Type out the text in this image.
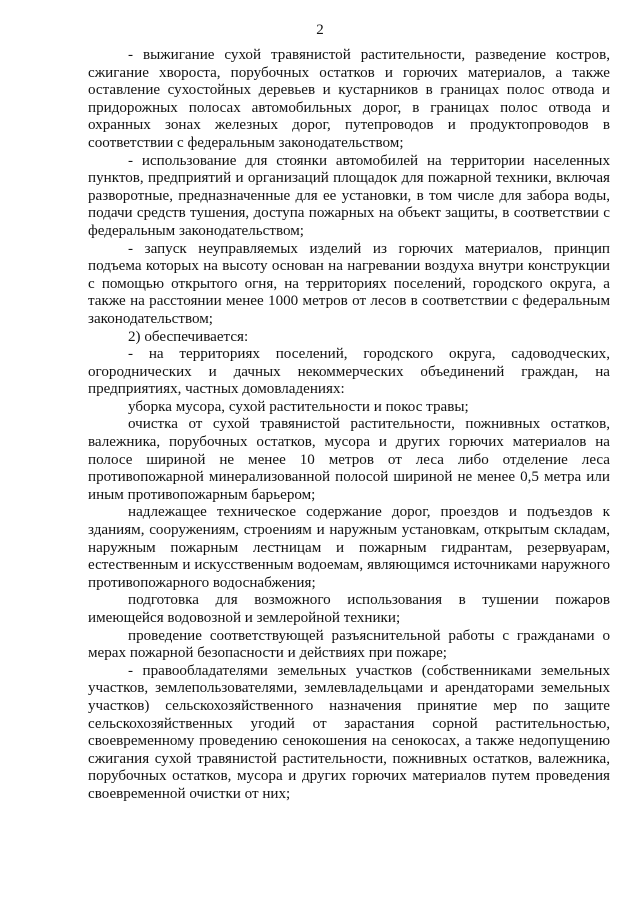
2

- выжигание сухой травянистой растительности, разведение костров, сжигание хвороста, порубочных остатков и горючих материалов, а также оставление сухостойных деревьев и кустарников в границах полос отвода и придорожных полосах автомобильных дорог, в границах полос отвода и охранных зонах железных дорог, путепроводов и продуктопроводов в соответствии с федеральным законодательством;

- использование для стоянки автомобилей на территории населенных пунктов, предприятий и организаций площадок для пожарной техники, включая разворотные, предназначенные для ее установки, в том числе для забора воды, подачи средств тушения, доступа пожарных на объект защиты, в соответствии с федеральным законодательством;

- запуск неуправляемых изделий из горючих материалов, принцип подъема которых на высоту основан на нагревании воздуха внутри конструкции с помощью открытого огня, на территориях поселений, городского округа, а также на расстоянии менее 1000 метров от лесов в соответствии с федеральным законодательством;

2) обеспечивается:

- на территориях поселений, городского округа, садоводческих, огороднических и дачных некоммерческих объединений граждан, на предприятиях, частных домовладениях:

уборка мусора, сухой растительности и покос травы;

очистка от сухой травянистой растительности, пожнивных остатков, валежника, порубочных остатков, мусора и других горючих материалов на полосе шириной не менее 10 метров от леса либо отделение леса противопожарной минерализованной полосой шириной не менее 0,5 метра или иным противопожарным барьером;

надлежащее техническое содержание дорог, проездов и подъездов к зданиям, сооружениям, строениям и наружным установкам, открытым складам, наружным пожарным лестницам и пожарным гидрантам, резервуарам, естественным и искусственным водоемам, являющимся источниками наружного противопожарного водоснабжения;

подготовка для возможного использования в тушении пожаров имеющейся водовозной и землеройной техники;

проведение соответствующей разъяснительной работы с гражданами о мерах пожарной безопасности и действиях при пожаре;

- правообладателями земельных участков (собственниками земельных участков, землепользователями, землевладельцами и арендаторами земельных участков) сельскохозяйственного назначения принятие мер по защите сельскохозяйственных угодий от зарастания сорной растительностью, своевременному проведению сенокошения на сенокосах, а также недопущению сжигания сухой травянистой растительности, пожнивных остатков, валежника, порубочных остатков, мусора и других горючих материалов путем проведения своевременной очистки от них;
